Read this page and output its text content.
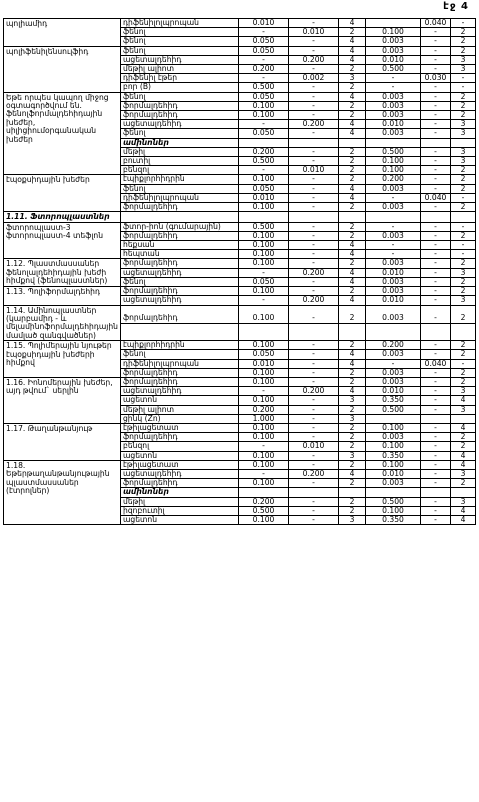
էջ 4
պոլիամիդ	դիֆենիլոլպրոպան	0.010	-	4		0.040	-
	ֆենոլ	-	0.010	2	0.100	-	2
	ֆենոլ	0.050	-	4	0.003	-	2
պոլիֆենիլենսուլֆիդ	ֆենոլ	0.050	-	4	0.003	-	2
	ացետալդեհիդ	-	0.200	4	0.010	-	3
	մեթիլ ալիոտ	0.200	-	2	0.500	-	3
	դիֆենիլ էթեր	-	0.002	3	-	0.030	-
	բոր (B)	0.500	-	2	-	-	-
Եթե որպես կապող միջոց օգտագործվում են. ֆենոլֆորմալդեհիդային խեժեր, սիլիցիումօրգանական խեժեր	ֆենոլ	0.050	-	4	0.003	-	2
	ֆորմալդեհիդ	0.100	-	2	0.003	-	2
	ֆորմալդեհիդ	0.100	-	2	0.003	-	2
	ացետալդեհիդ	-	0.200	4	0.010	-	3
	ֆենոլ	0.050	-	4	0.003	-	3
	ամինոներ						
	մեթիլ	0.200	-	2	0.500	-	3
	բուտիլ	0.500	-	2	0.100	-	3
	բենզոլ	-	0.010	2	0.100	-	2
էպօքսիդային խեժեր	էպիքլորհիդրին	0.100	-	2	0.200	-	2
	ֆենոլ	0.050	-	4	0.003	-	2
	դիֆենիլոլպրոպան	0.010	-	4	-	0.040	-
	ֆորմալդեհիդ	0.100	-	2	0.003	-	2
1.11. Ֆտորոպլաստներ							
ֆտորոպլաստ-3 ֆտորոպլաստ-4 տեֆլոն	ֆտոր-իոն (գումարային)	0.500	-	2	-	-	-
	ֆորմալդեհիդ	0.100	-	2	0.003	-	2
	հեքսան	0.100	-	4	-	-	-
	հեպտան	0.100	-	4	-	-	-
1.12. Պլաստմասսաներ ֆենոլալդեհիդային խեժի հիմքով (ֆենոպլաստներ)	ֆորմալդեհիդ	0.100	-	2	0.003	-	2
	ացետալդեհիդ	-	0.200	4	0.010	-	3
	ֆենոլ	0.050	-	4	0.003	-	2
1.13. Պոլիֆորմալդեհիդ	ֆորմալդեհիդ	0.100	-	2	0.003	-	2
	ացետալդեհիդ	-	0.200	4	0.010	-	3
1.14. Ամինոպլաստներ (կարբամիդ - և մելամինոֆորմալդեհիդային մամլած զանգվածներ)	ֆորմալդեհիդ	0.100	-	2	0.003	-	2

1.15. Պոլիմերային նյութեր էպօքսիդային խեժերի հիմքով	էպիքլորհիդրին	0.100	-	2	0.200	-	2
	ֆենոլ	0.050	-	4	0.003	-	2
	դիֆենիլոլպրոպան	0.010	-	4	-	0.040	-
	ֆորմալդեհիդ	0.100	-	2	0.003	-	2
1.16. Իոնոմերային խեժեր, այդ թվում` սերլին	ֆորմալդեհիդ	0.100	-	2	0.003	-	2
	ացետալդեհիդ	-	0.200	4	0.010	-	3
	ացետոն	0.100	-	3	0.350	-	4
	մեթիլ ալիոտ	0.200	-	2	0.500	-	3
	ցինկ (Zn)	1.000	-	3			
1.17. Թաղանթանյութ	էթիլացետատ	0.100	-	2	0.100	-	4
	ֆորմալդեհիդ	0.100	-	2	0.003	-	2
	բենզոլ	-	0.010	2	0.100	-	2
	ացետոն	0.100	-	3	0.350	-	4
1.18. Եթերթաղանթանյութային պլաստմասսաներ (էտրոլներ)	էթիլացետատ	0.100	-	2	0.100	-	4
	ացետալդեհիդ	-	0.200	4	0.010	-	3
	ֆորմալդեհիդ	0.100	-	2	0.003	-	2
	ամինոներ						
	մեթիլ	0.200	-	2	0.500	-	3
	իզոբուտիլ	0.500	-	2	0.100	-	4
	ացետոն	0.100	-	3	0.350	-	4
